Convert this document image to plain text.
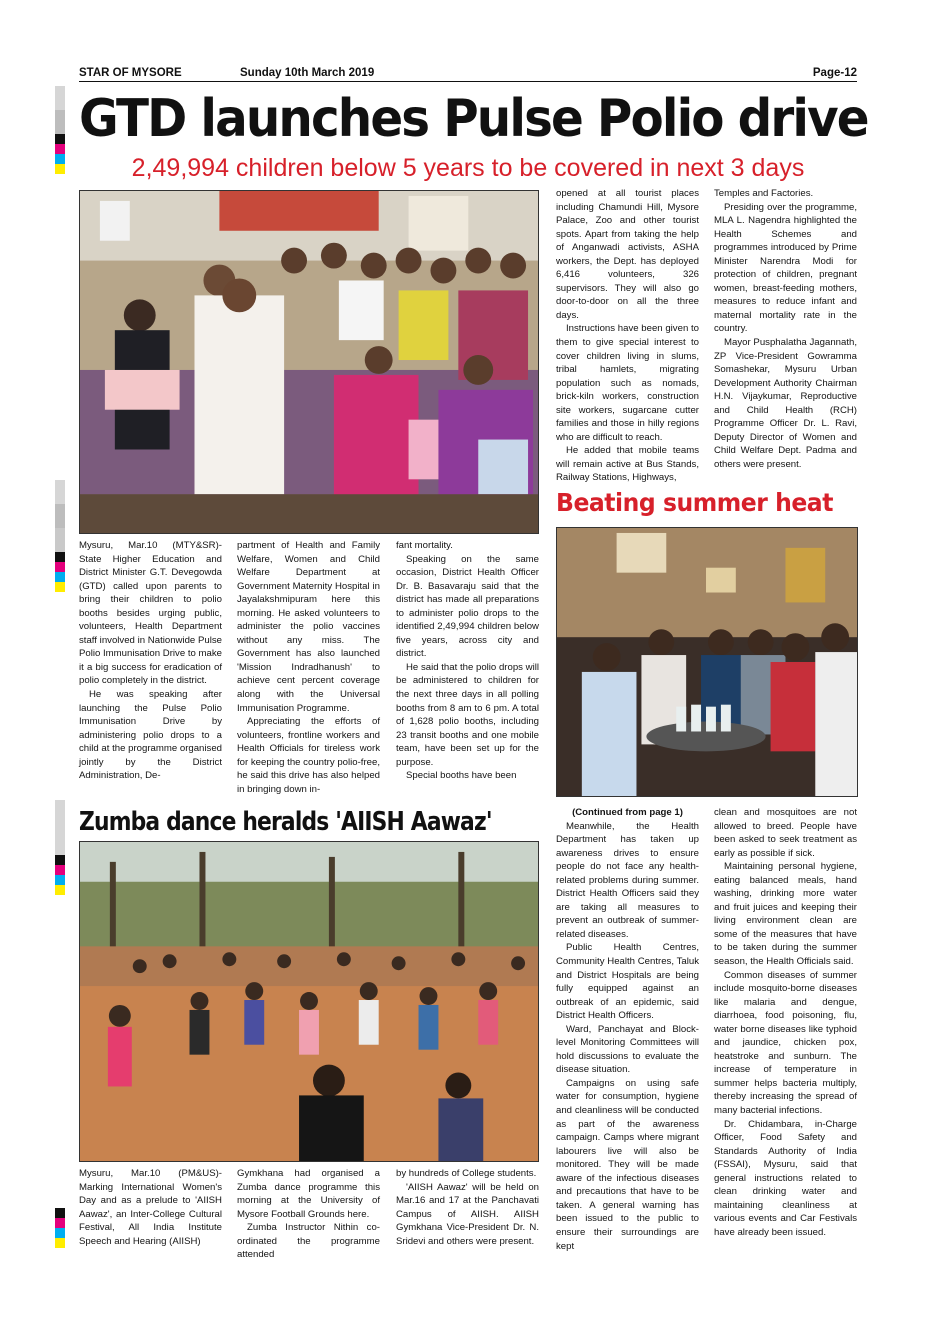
STAR OF MYSORE	Sunday 10th March 2019	Page-12
GTD launches Pulse Polio drive
2,49,994 children below 5 years to be covered in next 3 days

Mysuru, Mar.10 (MTY&SR)- State Higher Education and District Minister G.T. Devegowda (GTD) called upon parents to bring their children to polio booths besides urging public, volunteers, Health Department staff involved in Nationwide Pulse Polio Immunisation Drive to make it a big success for eradication of polio completely in the district.

He was speaking after launching the Pulse Polio Immunisation Drive by administering polio drops to a child at the programme organised jointly by the District Administration, De-

partment of Health and Family Welfare, Women and Child Welfare Department at Government Maternity Hospital in Jayalakshmipuram here this morning. He asked volunteers to administer the polio vaccines without any miss. The Government has also launched 'Mission Indradhanush' to achieve cent percent coverage along with the Universal Immunisation Programme.

Appreciating the efforts of volunteers, frontline workers and Health Officials for tireless work for keeping the country polio-free, he said this drive has also helped in bringing down in-

fant mortality.

Speaking on the same occasion, District Health Officer Dr. B. Basavaraju said that the district has made all preparations to administer polio drops to the identified 2,49,994 children below five years, across city and district.

He said that the polio drops will be administered to children for the next three days in all polling booths from 8 am to 6 pm. A total of 1,628 polio booths, including 23 transit booths and one mobile team, have been set up for the purpose.

Special booths have been

opened at all tourist places including Chamundi Hill, Mysore Palace, Zoo and other tourist spots. Apart from taking the help of Anganwadi activists, ASHA workers, the Dept. has deployed 6,416 volunteers, 326 supervisors. They will also go door-to-door on all the three days.

Instructions have been given to them to give special interest to cover children living in slums, tribal hamlets, migrating population such as nomads, brick-kiln workers, construction site workers, sugarcane cutter families and those in hilly regions who are difficult to reach.

He added that mobile teams will remain active at Bus Stands, Railway Stations, Highways,

Temples and Factories.

Presiding over the programme, MLA L. Nagendra highlighted the Health Schemes and programmes introduced by Prime Minister Narendra Modi for protection of children, pregnant women, breast-feeding mothers, measures to reduce infant and maternal mortality rate in the country.

Mayor Pusphalatha Jagannath, ZP Vice-President Gowramma Somashekar, Mysuru Urban Development Authority Chairman H.N. Vijaykumar, Reproductive and Child Health (RCH) Programme Officer Dr. L. Ravi, Deputy Director of Women and Child Welfare Dept. Padma and others were present.

Beating summer heat

(Continued from page 1)

Meanwhile, the Health Department has taken up awareness drives to ensure people do not face any health-related problems during summer. District Health Officers said they are taking all measures to prevent an outbreak of summer-related diseases.

Public Health Centres, Community Health Centres, Taluk and District Hospitals are being fully equipped against an outbreak of an epidemic, said District Health Officers.

Ward, Panchayat and Block-level Monitoring Committees will hold discussions to evaluate the disease situation.

Campaigns on using safe water for consumption, hygiene and cleanliness will be conducted as part of the awareness campaign. Camps where migrant labourers live will also be monitored. They will be made aware of the infectious diseases and precautions that have to be taken. A general warning has been issued to the public to ensure their surroundings are kept

clean and mosquitoes are not allowed to breed. People have been asked to seek treatment as early as possible if sick.

Maintaining personal hygiene, eating balanced meals, hand washing, drinking more water and fruit juices and keeping their living environment clean are some of the measures that have to be taken during the summer season, the Health Officials said.

Common diseases of summer include mosquito-borne diseases like malaria and dengue, diarrhoea, food poisoning, flu, water borne diseases like typhoid and jaundice, chicken pox, heatstroke and sunburn. The increase of temperature in summer helps bacteria multiply, thereby increasing the spread of many bacterial infections.

Dr. Chidambara, in-Charge Officer, Food Safety and Standards Authority of India (FSSAI), Mysuru, said that general instructions related to clean drinking water and maintaining cleanliness at various events and Car Festivals have already been issued.

Zumba dance heralds 'AIISH Aawaz'

Mysuru, Mar.10 (PM&US)- Marking International Women's Day and as a prelude to 'AIISH Aawaz', an Inter-College Cultural Festival, All India Institute Speech and Hearing (AIISH)

Gymkhana had organised a Zumba dance programme this morning at the University of Mysore Football Grounds here.

Zumba Instructor Nithin co-ordinated the programme attended

by hundreds of College students.

'AIISH Aawaz' will be held on Mar.16 and 17 at the Panchavati Campus of AIISH. AIISH Gymkhana Vice-President Dr. N. Sridevi and others were present.
